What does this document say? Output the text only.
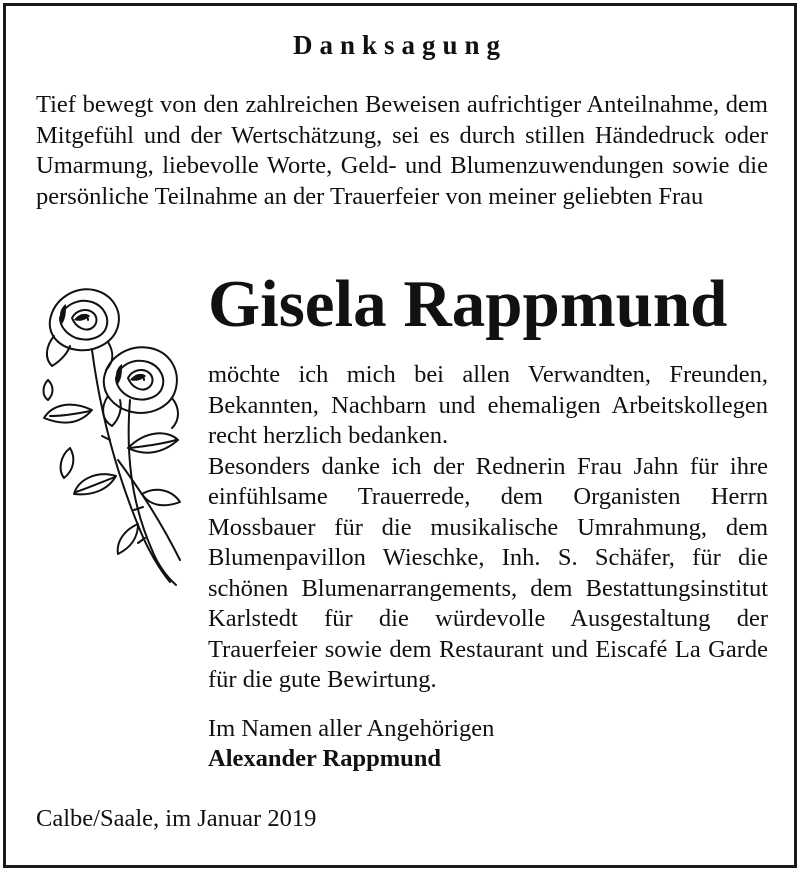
Danksagung
Tief bewegt von den zahlreichen Beweisen aufrichtiger Anteilnahme, dem Mitgefühl und der Wertschätzung, sei es durch stillen Händedruck oder Umarmung, liebevolle Worte, Geld- und Blumenzuwendungen sowie die persönliche Teilnahme an der Trauerfeier von meiner geliebten Frau
Gisela Rappmund

möchte ich mich bei allen Verwandten, Freunden, Bekannten, Nachbarn und ehemaligen Arbeitskollegen recht herzlich bedanken.

Besonders danke ich der Rednerin Frau Jahn für ihre einfühlsame Trauerrede, dem Organisten Herrn Mossbauer für die musikalische Umrahmung, dem Blumenpavillon Wieschke, Inh. S. Schäfer, für die schönen Blumenarrangements, dem Bestattungsinstitut Karlstedt für die würdevolle Ausgestaltung der Trauerfeier sowie dem Restaurant und Eiscafé La Garde für die gute Bewirtung.

Im Namen aller Angehörigen
Alexander Rappmund
Calbe/Saale, im Januar 2019
